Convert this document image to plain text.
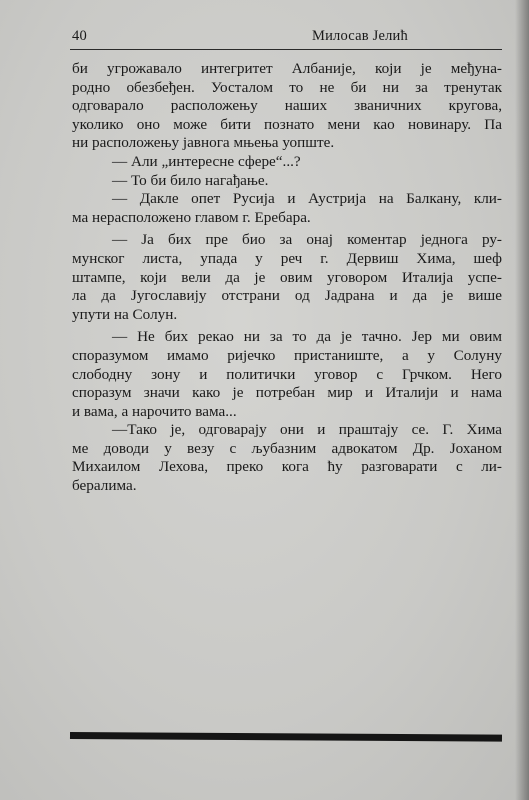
40	Милосав Јелић

би угрожавало интегритет Албаније, који је међуна-

родно обезбеђен. Уосталом то не би ни за тренутак

одговарало расположењу наших званичних кругова,

уколико оно може бити познато мени као новинару. Па

ни расположењу јавнога мњења уопште.

— Али „интересне сфере“...?

— То би било нагађање.

— Дакле опет Русија и Аустрија на Балкану, кли-

ма нерасположено главом г. Еребара.

— Ја бих пре био за онај коментар једнога ру-

мунског листа, упада у реч г. Дервиш Хима, шеф

штампе, који вели да је овим уговором Италија успе-

ла да Југославију отстрани од Јадрана и да је више

упути на Солун.

— Не бих рекао ни за то да је тачно. Јер ми овим

споразумом имамо ријечко пристаниште, а у Солуну

слободну зону и политички уговор с Грчком. Него

споразум значи како је потребан мир и Италији и нама

и вама, а нарочито вама...

—Тако је, одговарају они и праштају се. Г. Хима

ме доводи у везу с љубазним адвокатом Др. Јоханом

Михаилом Леховa, преко кога ћу разговарати с ли-

бералима.
